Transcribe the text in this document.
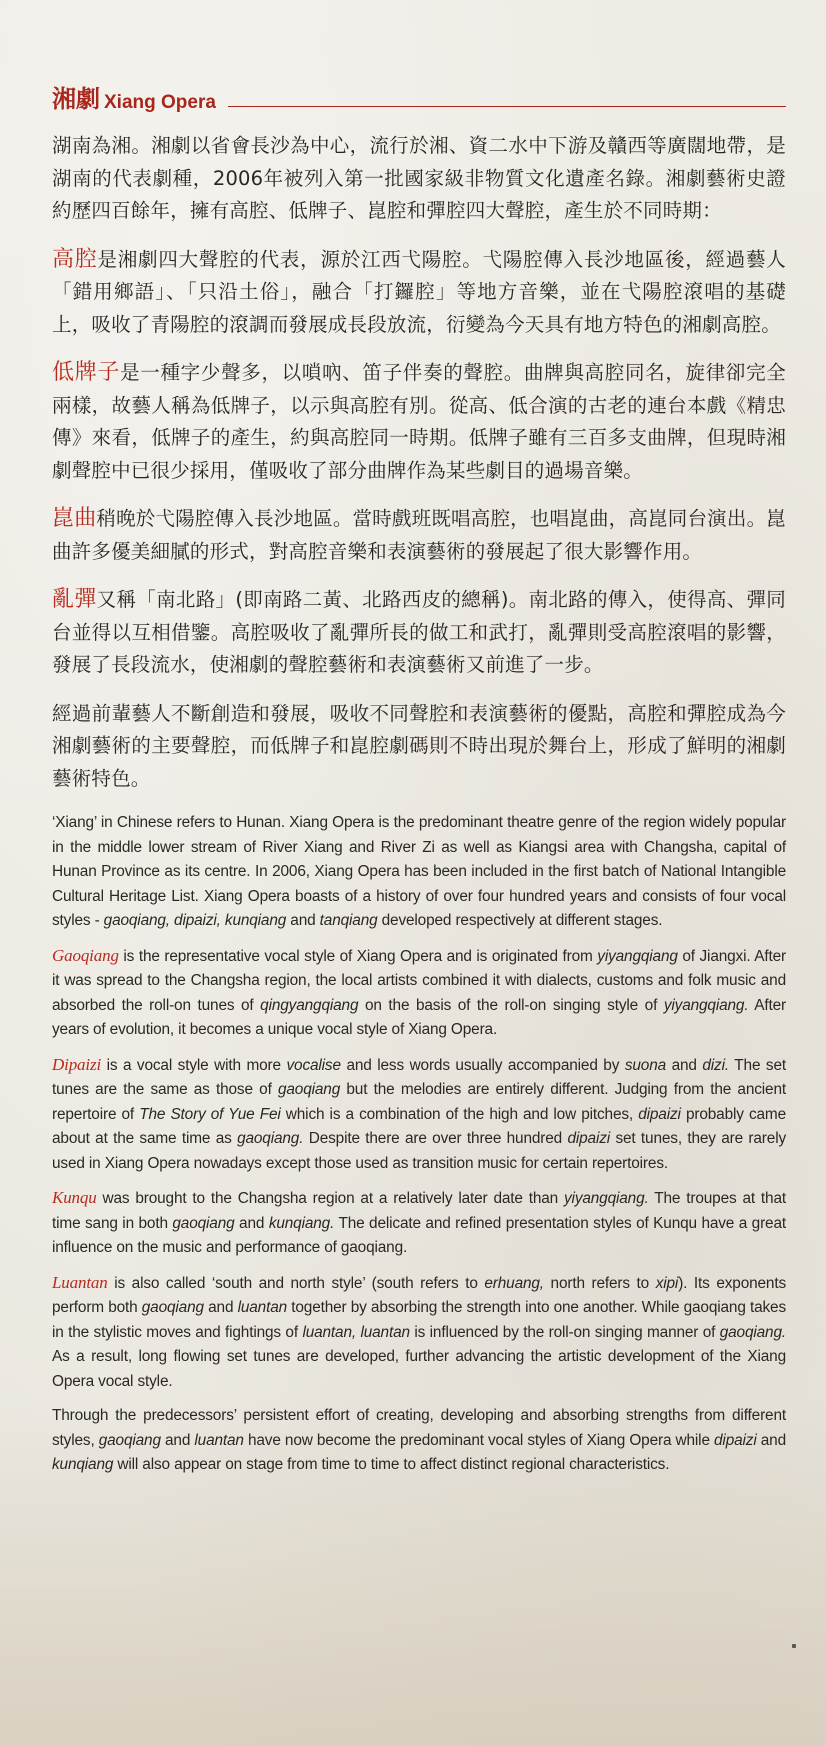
湘劇 Xiang Opera

湖南為湘。湘劇以省會長沙為中心，流行於湘、資二水中下游及贛西等廣闊地帶，是湖南的代表劇種，2006年被列入第一批國家級非物質文化遺產名錄。湘劇藝術史證約歷四百餘年，擁有高腔、低牌子、崑腔和彈腔四大聲腔，產生於不同時期：

高腔是湘劇四大聲腔的代表，源於江西弋陽腔。弋陽腔傳入長沙地區後，經過藝人「錯用鄉語」、「只沿土俗」，融合「打鑼腔」等地方音樂，並在弋陽腔滾唱的基礎上，吸收了青陽腔的滾調而發展成長段放流，衍變為今天具有地方特色的湘劇高腔。

低牌子是一種字少聲多，以嗩吶、笛子伴奏的聲腔。曲牌與高腔同名，旋律卻完全兩樣，故藝人稱為低牌子，以示與高腔有別。從高、低合演的古老的連台本戲《精忠傳》來看，低牌子的產生，約與高腔同一時期。低牌子雖有三百多支曲牌，但現時湘劇聲腔中已很少採用，僅吸收了部分曲牌作為某些劇目的過場音樂。

崑曲稍晚於弋陽腔傳入長沙地區。當時戲班既唱高腔，也唱崑曲，高崑同台演出。崑曲許多優美細膩的形式，對高腔音樂和表演藝術的發展起了很大影響作用。

亂彈又稱「南北路」(即南路二黃、北路西皮的總稱)。南北路的傳入，使得高、彈同台並得以互相借鑒。高腔吸收了亂彈所長的做工和武打，亂彈則受高腔滾唱的影響，發展了長段流水，使湘劇的聲腔藝術和表演藝術又前進了一步。

經過前輩藝人不斷創造和發展，吸收不同聲腔和表演藝術的優點，高腔和彈腔成為今湘劇藝術的主要聲腔，而低牌子和崑腔劇碼則不時出現於舞台上，形成了鮮明的湘劇藝術特色。

‘Xiang’ in Chinese refers to Hunan. Xiang Opera is the predominant theatre genre of the region widely popular in the middle lower stream of River Xiang and River Zi as well as Kiangsi area with Changsha, capital of Hunan Province as its centre. In 2006, Xiang Opera has been included in the first batch of National Intangible Cultural Heritage List. Xiang Opera boasts of a history of over four hundred years and consists of four vocal styles - gaoqiang, dipaizi, kunqiang and tanqiang developed respectively at different stages.

Gaoqiang is the representative vocal style of Xiang Opera and is originated from yiyangqiang of Jiangxi. After it was spread to the Changsha region, the local artists combined it with dialects, customs and folk music and absorbed the roll-on tunes of qingyangqiang on the basis of the roll-on singing style of yiyangqiang. After years of evolution, it becomes a unique vocal style of Xiang Opera.

Dipaizi is a vocal style with more vocalise and less words usually accompanied by suona and dizi. The set tunes are the same as those of gaoqiang but the melodies are entirely different. Judging from the ancient repertoire of The Story of Yue Fei which is a combination of the high and low pitches, dipaizi probably came about at the same time as gaoqiang. Despite there are over three hundred dipaizi set tunes, they are rarely used in Xiang Opera nowadays except those used as transition music for certain repertoires.

Kunqu was brought to the Changsha region at a relatively later date than yiyangqiang. The troupes at that time sang in both gaoqiang and kunqiang. The delicate and refined presentation styles of Kunqu have a great influence on the music and performance of gaoqiang.

Luantan is also called ‘south and north style’ (south refers to erhuang, north refers to xipi). Its exponents perform both gaoqiang and luantan together by absorbing the strength into one another. While gaoqiang takes in the stylistic moves and fightings of luantan, luantan is influenced by the roll-on singing manner of gaoqiang. As a result, long flowing set tunes are developed, further advancing the artistic development of the Xiang Opera vocal style.

Through the predecessors’ persistent effort of creating, developing and absorbing strengths from different styles, gaoqiang and luantan have now become the predominant vocal styles of Xiang Opera while dipaizi and kunqiang will also appear on stage from time to time to affect distinct regional characteristics.
